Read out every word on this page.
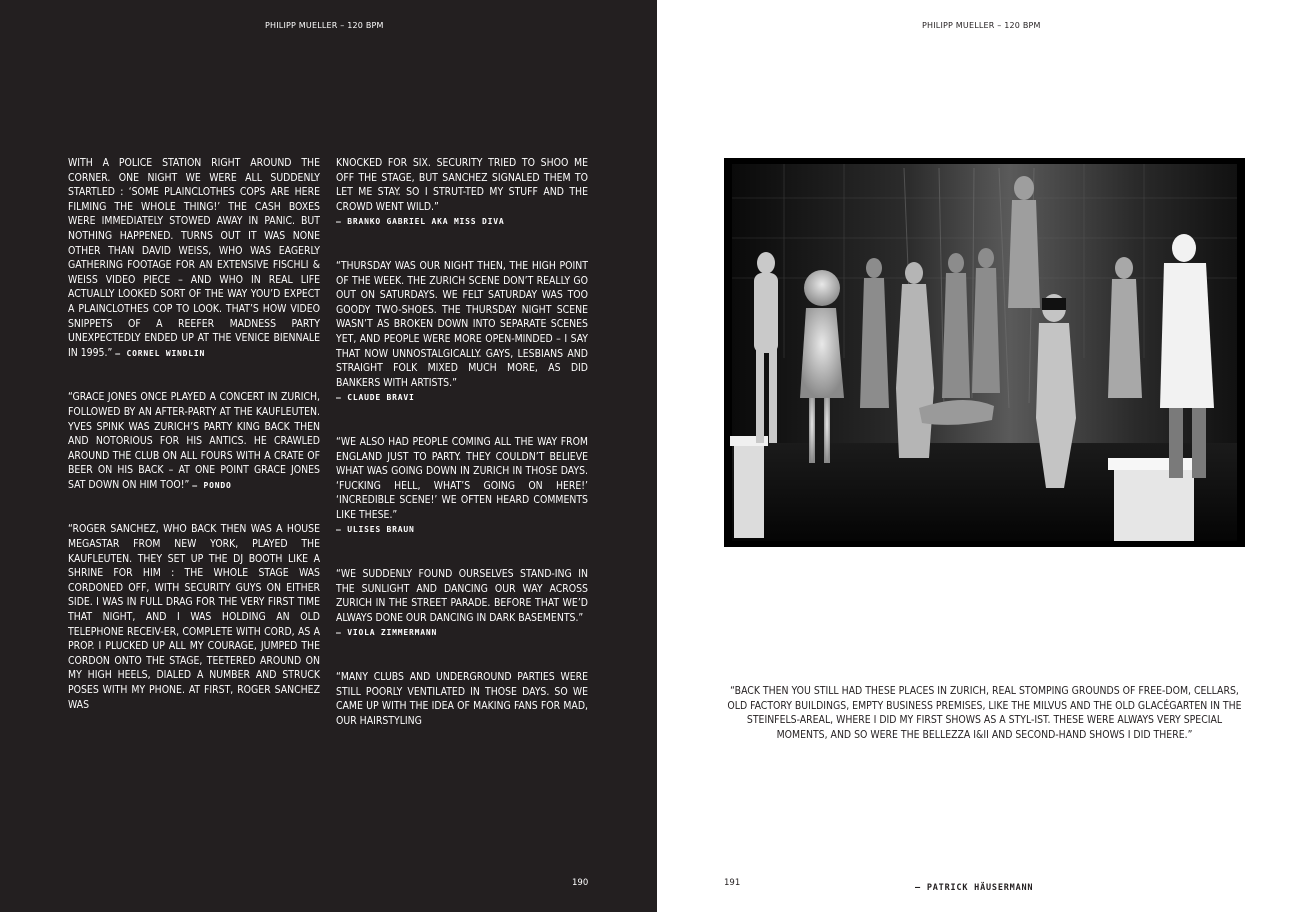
PHILIPP MUELLER – 120 BPM

WITH A POLICE STATION RIGHT AROUND THE CORNER. ONE NIGHT WE WERE ALL SUDDENLY STARTLED : ‘SOME PLAINCLOTHES COPS ARE HERE FILMING THE WHOLE THING!’ THE CASH BOXES WERE IMMEDIATELY STOWED AWAY IN PANIC. BUT NOTHING HAPPENED. TURNS OUT IT WAS NONE OTHER THAN DAVID WEISS, WHO WAS EAGERLY GATHERING FOOTAGE FOR AN EXTENSIVE FISCHLI & WEISS VIDEO PIECE – AND WHO IN REAL LIFE ACTUALLY LOOKED SORT OF THE WAY YOU’D EXPECT A PLAINCLOTHES COP TO LOOK. THAT’S HOW VIDEO SNIPPETS OF A REEFER MADNESS PARTY UNEXPECTEDLY ENDED UP AT THE VENICE BIENNALE IN 1995.” — CORNEL WINDLIN

“GRACE JONES ONCE PLAYED A CONCERT IN ZURICH, FOLLOWED BY AN AFTER-PARTY AT THE KAUFLEUTEN. YVES SPINK WAS ZURICH’S PARTY KING BACK THEN AND NOTORIOUS FOR HIS ANTICS. HE CRAWLED AROUND THE CLUB ON ALL FOURS WITH A CRATE OF BEER ON HIS BACK – AT ONE POINT GRACE JONES SAT DOWN ON HIM TOO!” — PONDO

“ROGER SANCHEZ, WHO BACK THEN WAS A HOUSE MEGASTAR FROM NEW YORK, PLAYED THE KAUFLEUTEN. THEY SET UP THE DJ BOOTH LIKE A SHRINE FOR HIM : THE WHOLE STAGE WAS CORDONED OFF, WITH SECURITY GUYS ON EITHER SIDE. I WAS IN FULL DRAG FOR THE VERY FIRST TIME THAT NIGHT, AND I WAS HOLDING AN OLD TELEPHONE RECEIV-ER, COMPLETE WITH CORD, AS A PROP. I PLUCKED UP ALL MY COURAGE, JUMPED THE CORDON ONTO THE STAGE, TEETERED AROUND ON MY HIGH HEELS, DIALED A NUMBER AND STRUCK POSES WITH MY PHONE. AT FIRST, ROGER SANCHEZ WAS

KNOCKED FOR SIX. SECURITY TRIED TO SHOO ME OFF THE STAGE, BUT SANCHEZ SIGNALED THEM TO LET ME STAY. SO I STRUT-TED MY STUFF AND THE CROWD WENT WILD.”

— BRANKO GABRIEL AKA MISS DIVA

“THURSDAY WAS OUR NIGHT THEN, THE HIGH POINT OF THE WEEK. THE ZURICH SCENE DON’T REALLY GO OUT ON SATURDAYS. WE FELT SATURDAY WAS TOO GOODY TWO-SHOES. THE THURSDAY NIGHT SCENE WASN’T AS BROKEN DOWN INTO SEPARATE SCENES YET, AND PEOPLE WERE MORE OPEN-MINDED – I SAY THAT NOW UNNOSTALGICALLY. GAYS, LESBIANS AND STRAIGHT FOLK MIXED MUCH MORE, AS DID BANKERS WITH ARTISTS.”

— CLAUDE BRAVI

“WE ALSO HAD PEOPLE COMING ALL THE WAY FROM ENGLAND JUST TO PARTY. THEY COULDN’T BELIEVE WHAT WAS GOING DOWN IN ZURICH IN THOSE DAYS. ‘FUCKING HELL, WHAT’S GOING ON HERE!’ ‘INCREDIBLE SCENE!’ WE OFTEN HEARD COMMENTS LIKE THESE.”

— ULISES BRAUN

“WE SUDDENLY FOUND OURSELVES STAND-ING IN THE SUNLIGHT AND DANCING OUR WAY ACROSS ZURICH IN THE STREET PARADE. BEFORE THAT WE’D ALWAYS DONE OUR DANCING IN DARK BASEMENTS.”

— VIOLA ZIMMERMANN

“MANY CLUBS AND UNDERGROUND PARTIES WERE STILL POORLY VENTILATED IN THOSE DAYS. SO WE CAME UP WITH THE IDEA OF MAKING FANS FOR MAD, OUR HAIRSTYLING

190
PHILIPP MUELLER – 120 BPM
“BACK THEN YOU STILL HAD THESE PLACES IN ZURICH, REAL STOMPING GROUNDS OF FREE-DOM, CELLARS, OLD FACTORY BUILDINGS, EMPTY BUSINESS PREMISES, LIKE THE MILVUS AND THE OLD GLACÉGARTEN IN THE STEINFELS-AREAL, WHERE I DID MY FIRST SHOWS AS A STYL-IST. THESE WERE ALWAYS VERY SPECIAL MOMENTS, AND SO WERE THE BELLEZZA I&II AND SECOND-HAND SHOWS I DID THERE.”
191	— PATRICK HÄUSERMANN
